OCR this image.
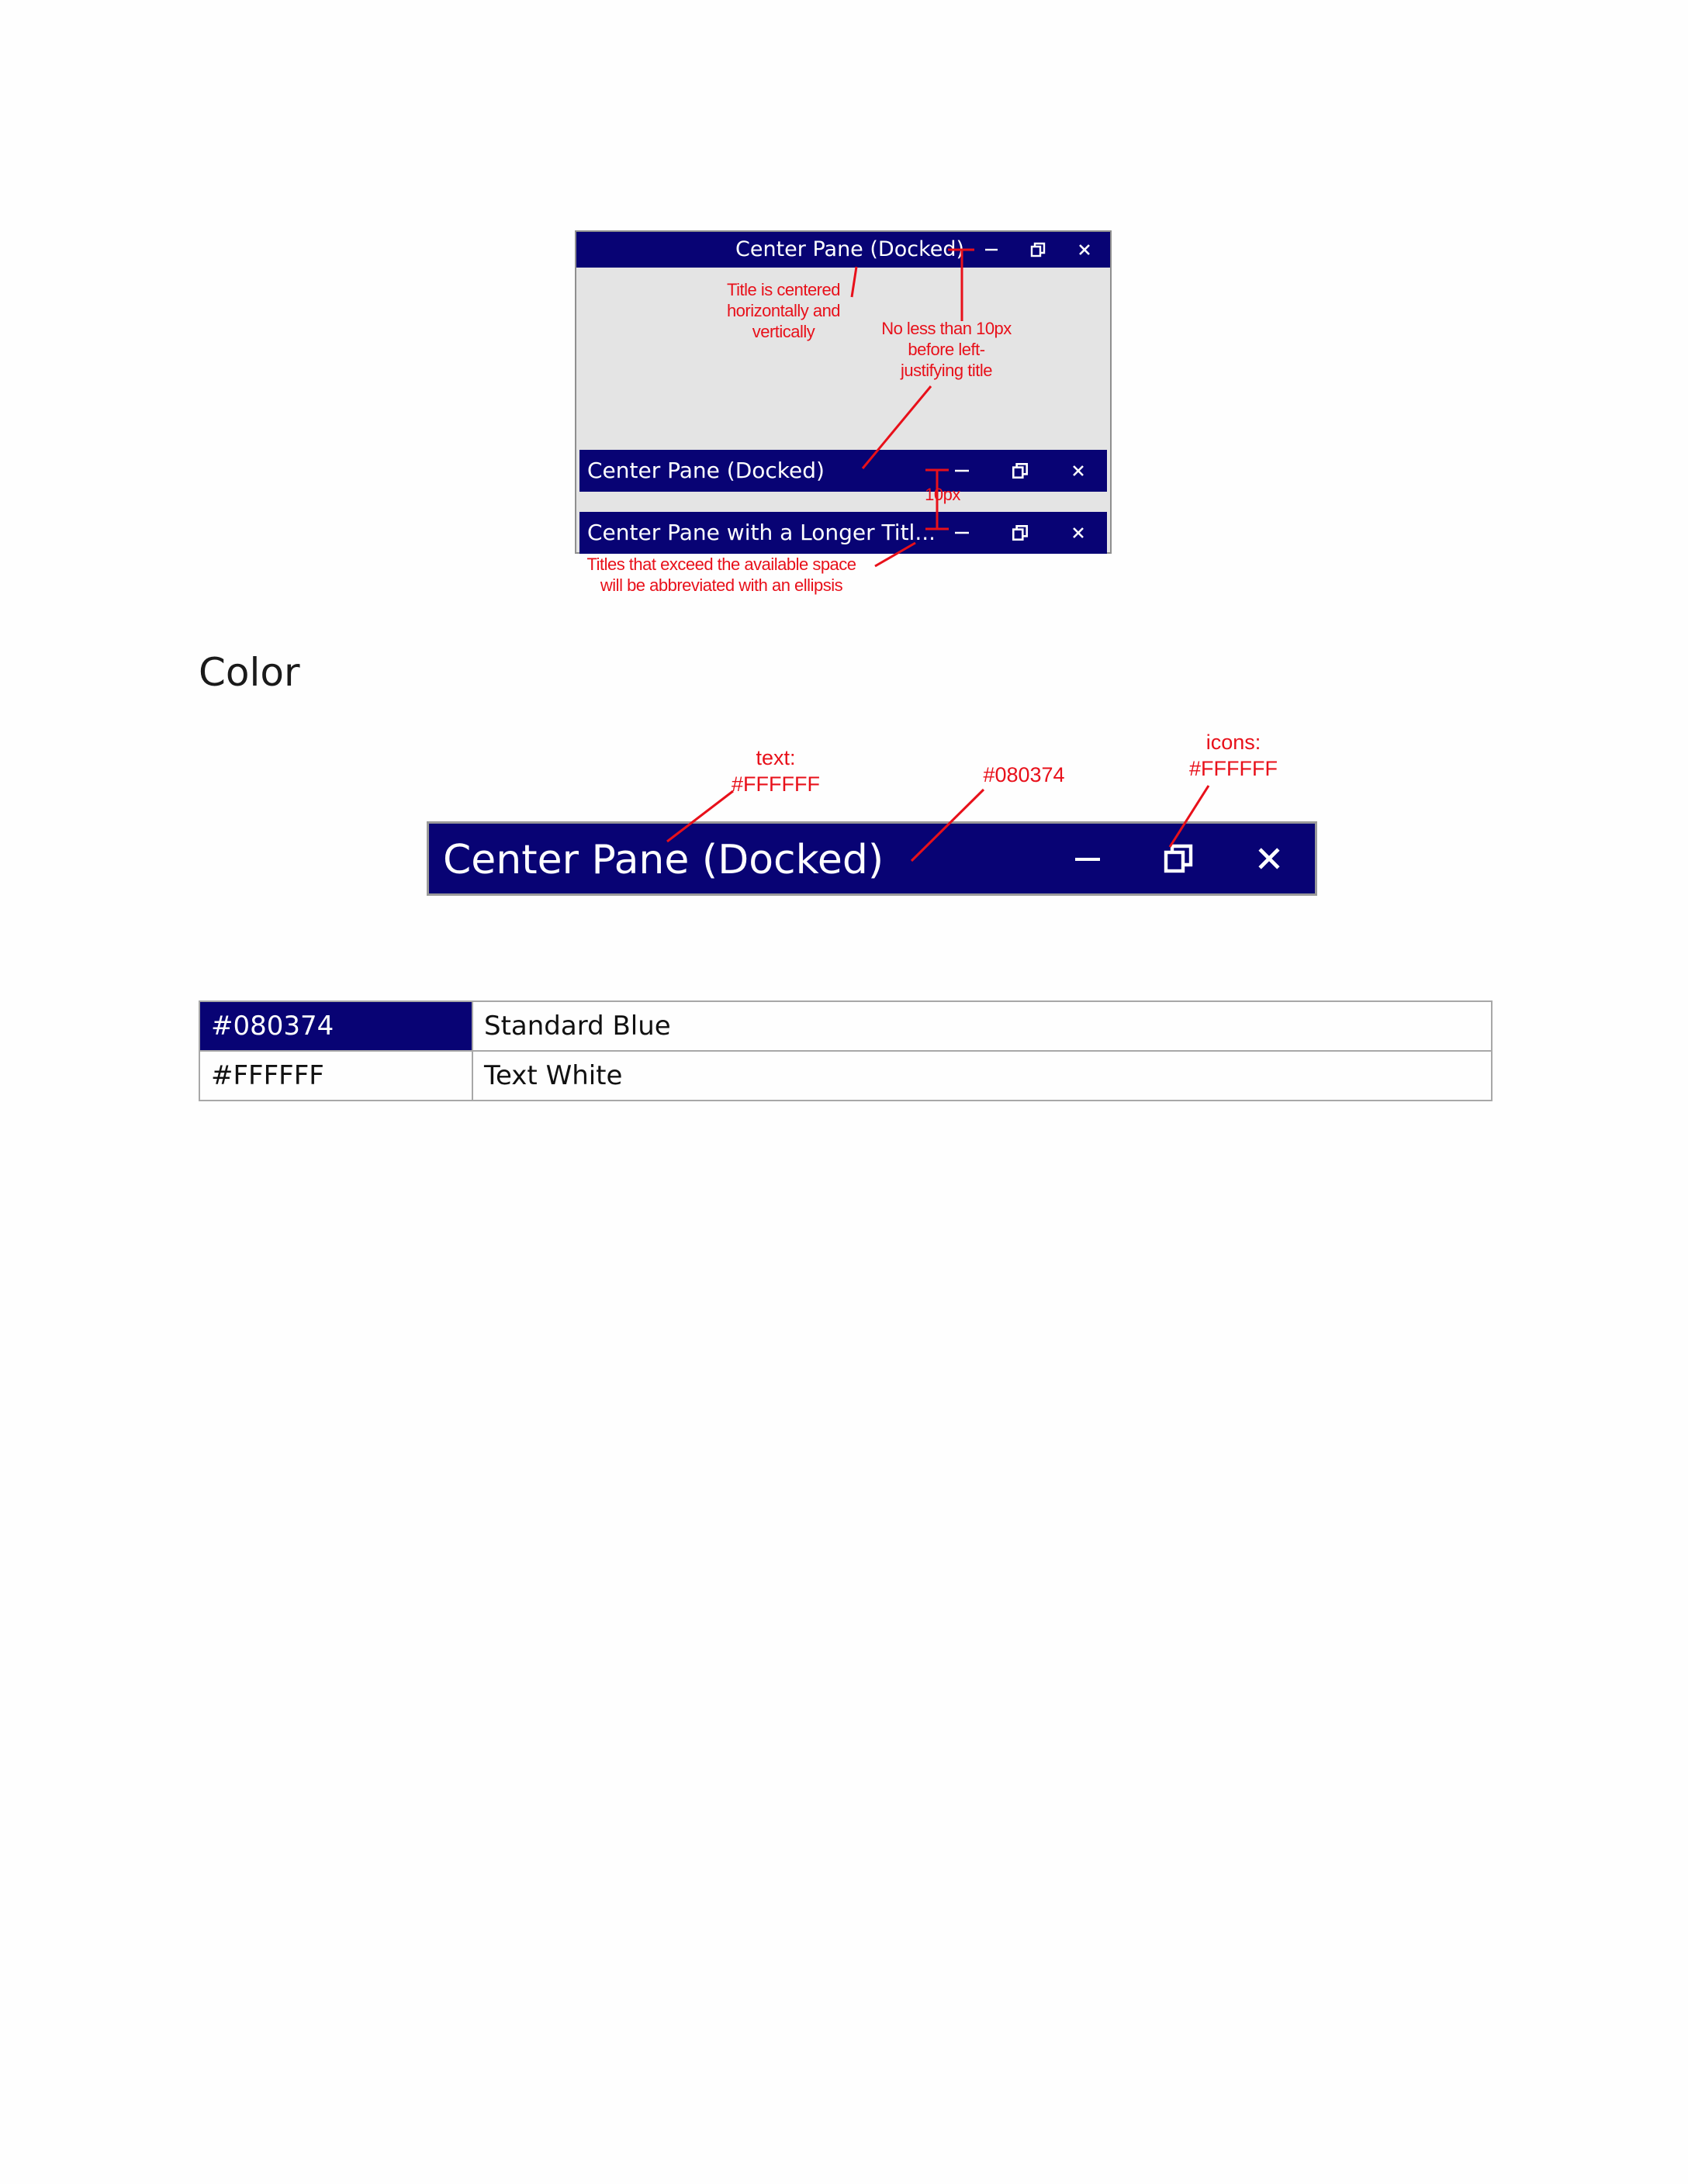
Center Pane (Docked)
Center Pane (Docked)
Center Pane with a Longer Titl...
Title is centered
horizontally and
vertically	No less than 10px
before left-
justifying title
10px
Titles that exceed the available space
will be abbreviated with an ellipsis
Color
Center Pane (Docked)
text:
#FFFFFF	#080374
icons:
#FFFFFF
#080374	Standard Blue
#FFFFFF	Text White
